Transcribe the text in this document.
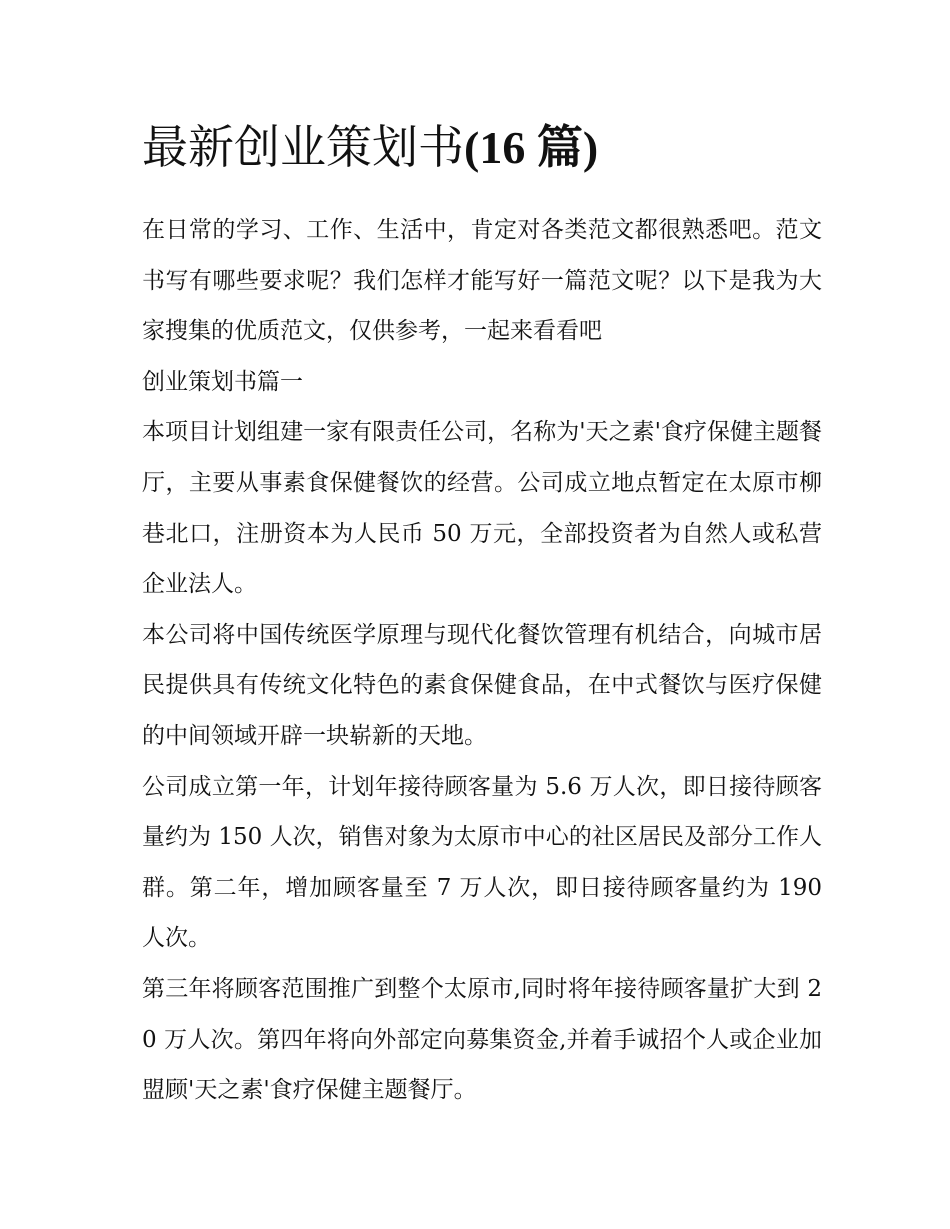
最新创业策划书(16 篇)

在日常的学习、工作、生活中，肯定对各类范文都很熟悉吧。范文书写有哪些要求呢？我们怎样才能写好一篇范文呢？以下是我为大家搜集的优质范文，仅供参考，一起来看看吧

创业策划书篇一

本项目计划组建一家有限责任公司，名称为'天之素'食疗保健主题餐厅，主要从事素食保健餐饮的经营。公司成立地点暂定在太原市柳巷北口，注册资本为人民币 50 万元，全部投资者为自然人或私营企业法人。

本公司将中国传统医学原理与现代化餐饮管理有机结合，向城市居民提供具有传统文化特色的素食保健食品，在中式餐饮与医疗保健的中间领域开辟一块崭新的天地。

公司成立第一年，计划年接待顾客量为 5.6 万人次，即日接待顾客量约为 150 人次，销售对象为太原市中心的社区居民及部分工作人群。第二年，增加顾客量至 7 万人次，即日接待顾客量约为 190 人次。

第三年将顾客范围推广到整个太原市,同时将年接待顾客量扩大到 20 万人次。第四年将向外部定向募集资金,并着手诚招个人或企业加盟顾'天之素'食疗保健主题餐厅。
